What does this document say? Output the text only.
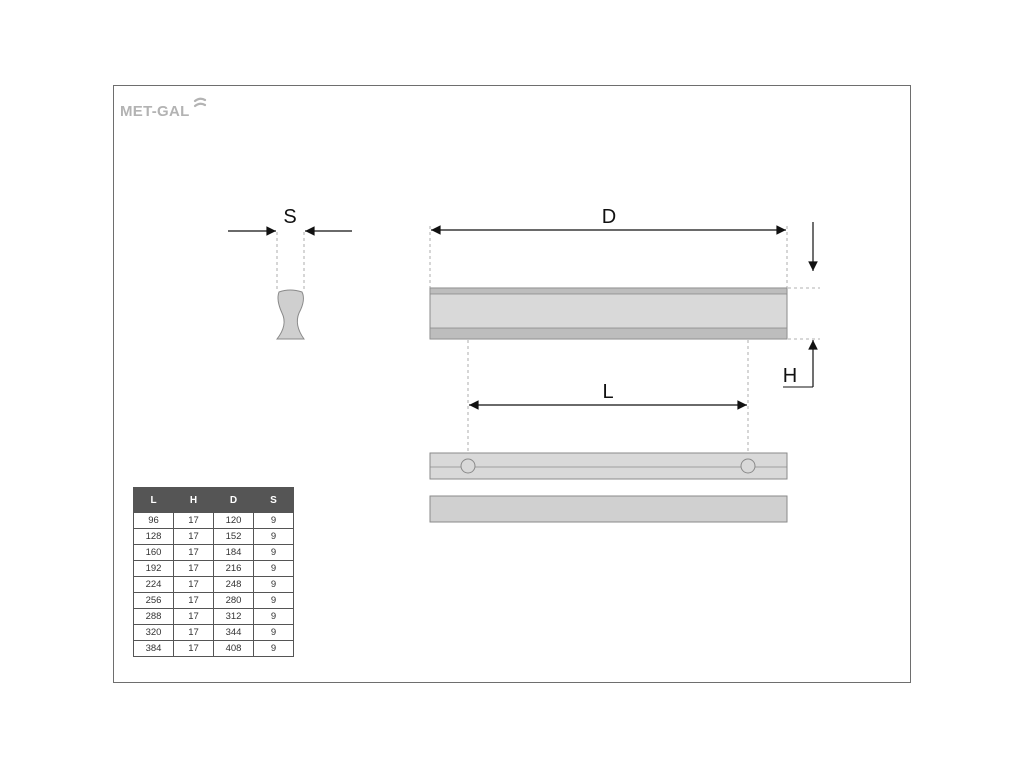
MET-GAL
S	D
H
L
L	H	D	S
96	17	120	9
128	17	152	9
160	17	184	9
192	17	216	9
224	17	248	9
256	17	280	9
288	17	312	9
320	17	344	9
384	17	408	9
